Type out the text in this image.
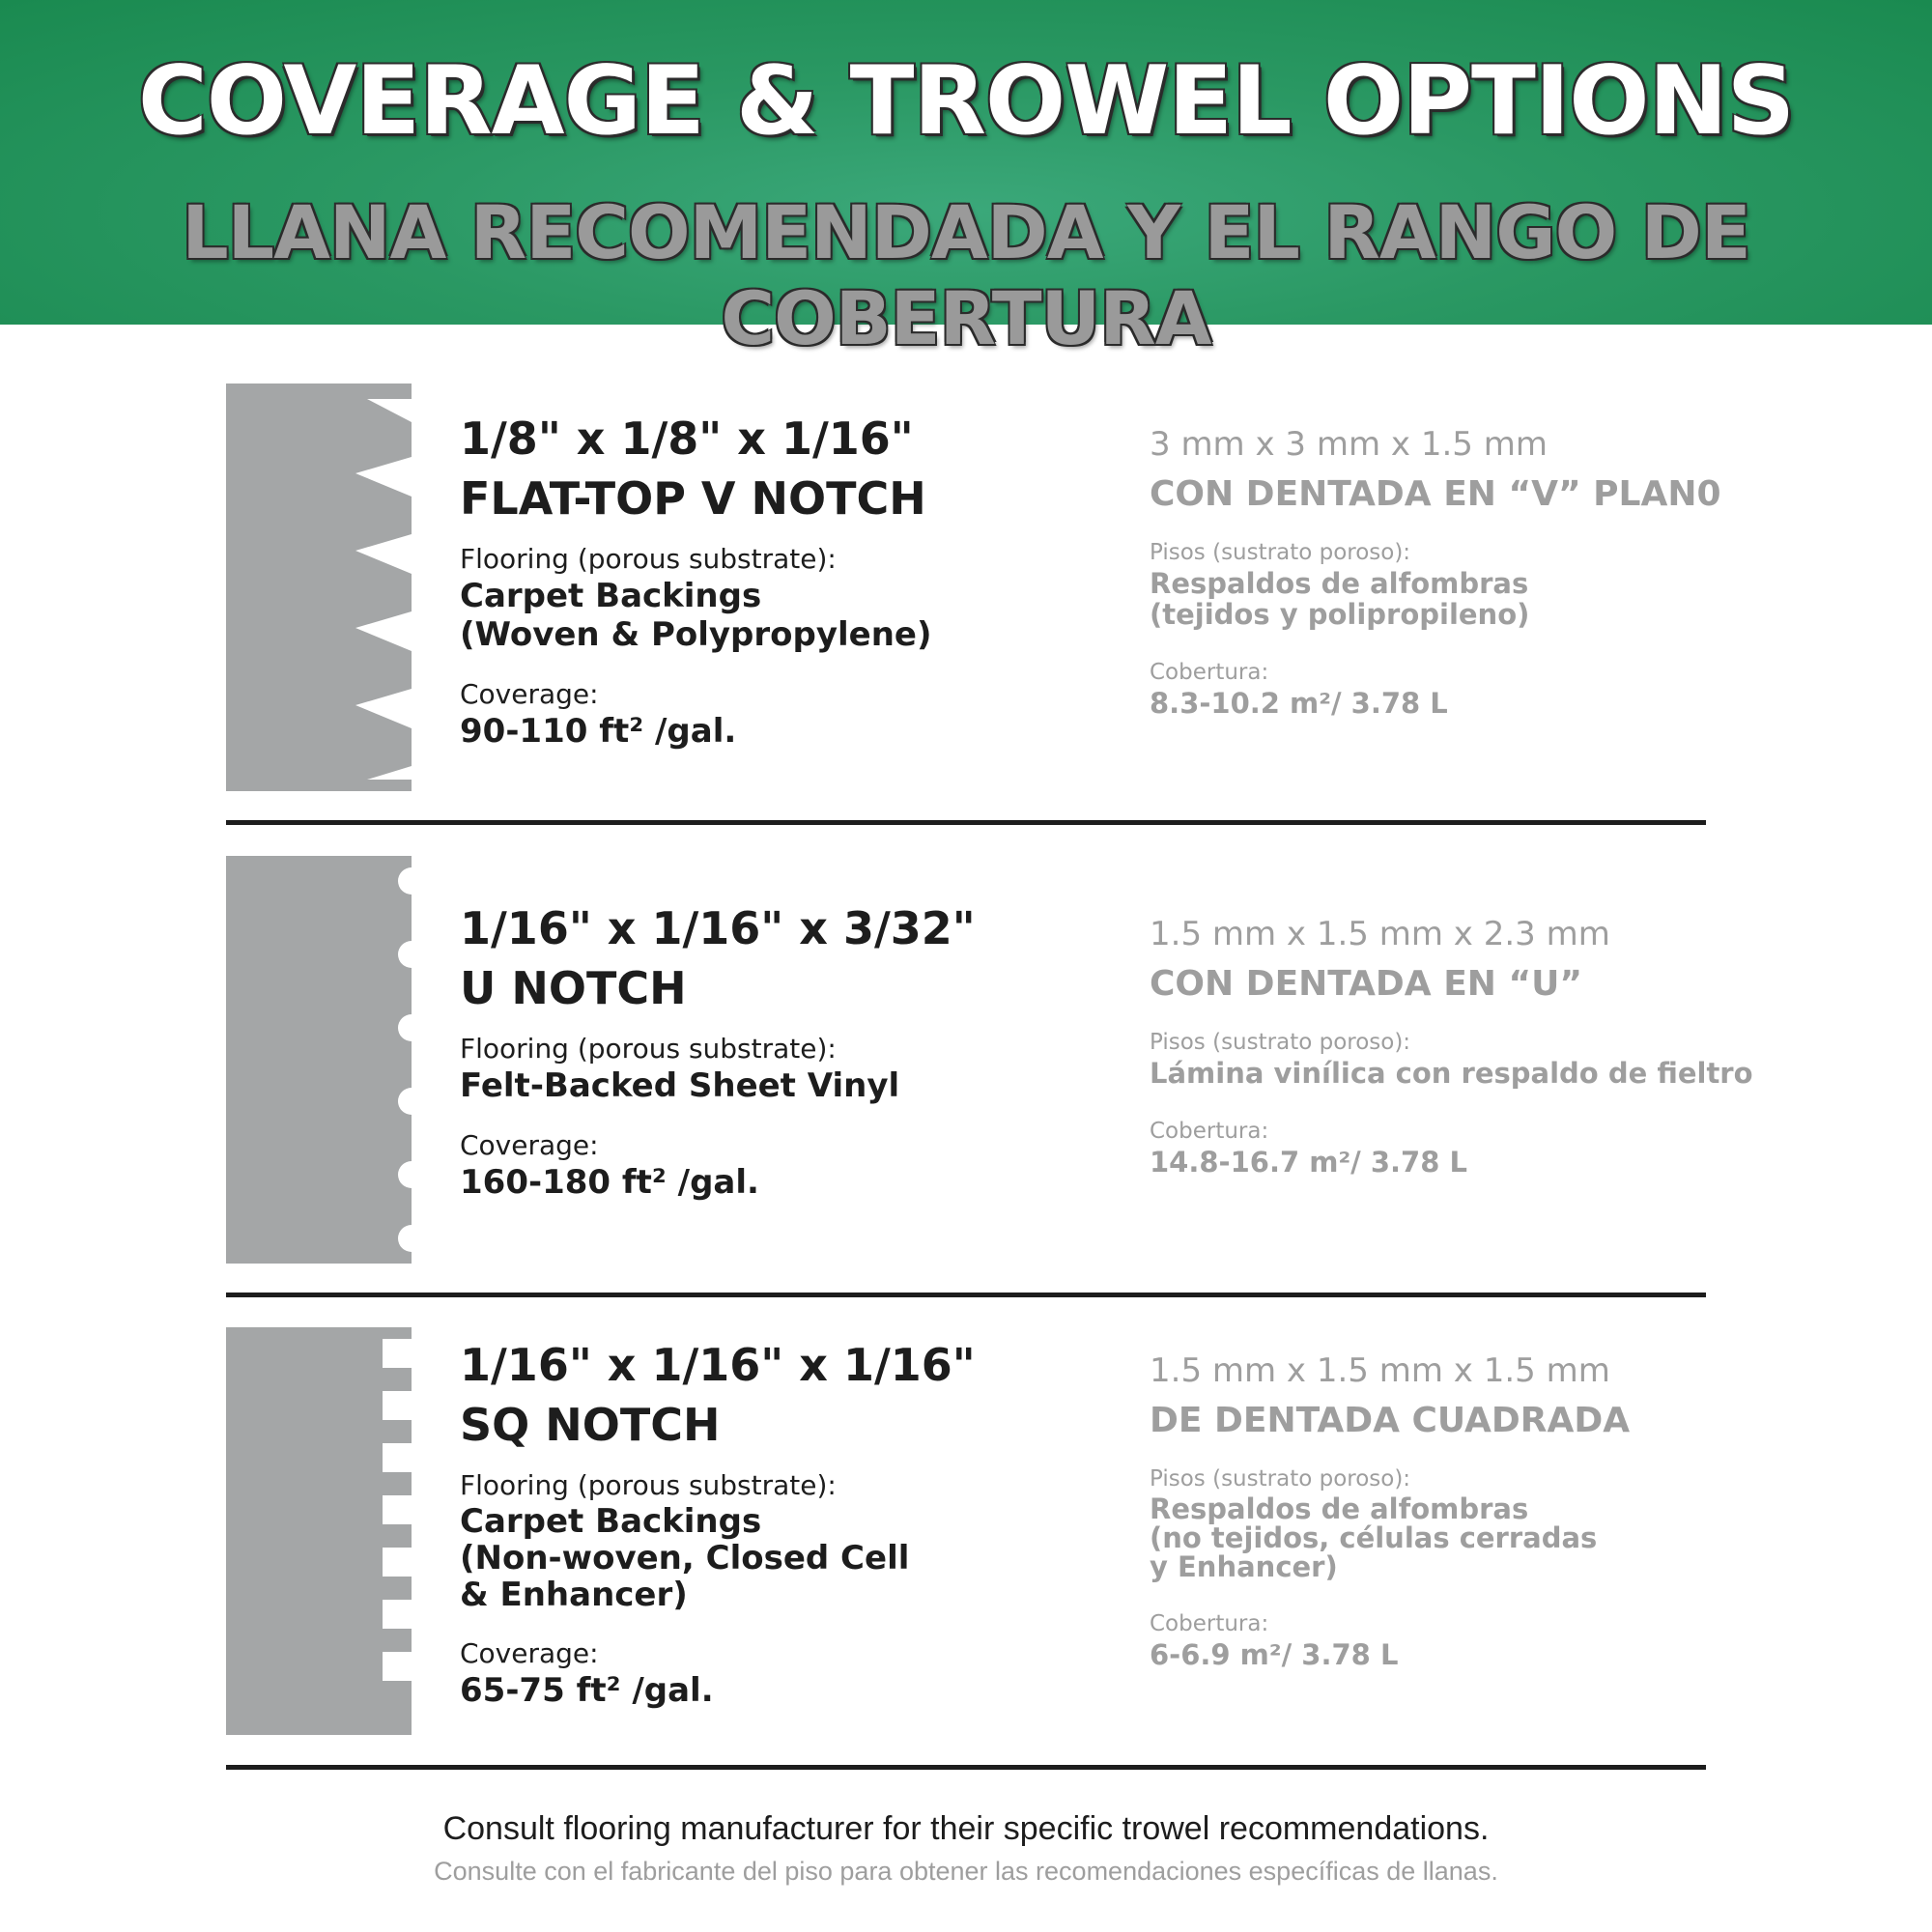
COVERAGE & TROWEL OPTIONS
LLANA RECOMENDADA Y EL RANGO DE COBERTURA
1/8" x 1/8" x 1/16"
FLAT-TOP V NOTCH
Flooring (porous substrate):
Carpet Backings
(Woven & Polypropylene)
Coverage:
90-110 ft² /gal.
3 mm x 3 mm x 1.5 mm
CON DENTADA EN “V” PLAN0
Pisos (sustrato poroso):
Respaldos de alfombras
(tejidos y polipropileno)
Cobertura:
8.3-10.2 m²/ 3.78 L
1/16" x 1/16" x 3/32"
U NOTCH
Flooring (porous substrate):
Felt-Backed Sheet Vinyl
Coverage:
160-180 ft² /gal.
1.5 mm x 1.5 mm x 2.3 mm
CON DENTADA EN “U”
Pisos (sustrato poroso):
Lámina vinílica con respaldo de fieltro
Cobertura:
14.8-16.7 m²/ 3.78 L
1/16" x 1/16" x 1/16"
SQ NOTCH
Flooring (porous substrate):
Carpet Backings
(Non-woven, Closed Cell
& Enhancer)
Coverage:
65-75 ft² /gal.
1.5 mm x 1.5 mm x 1.5 mm
DE DENTADA CUADRADA
Pisos (sustrato poroso):
Respaldos de alfombras
(no tejidos, células cerradas
y Enhancer)
Cobertura:
6-6.9 m²/ 3.78 L
Consult flooring manufacturer for their specific trowel recommendations.
Consulte con el fabricante del piso para obtener las recomendaciones específicas de llanas.
